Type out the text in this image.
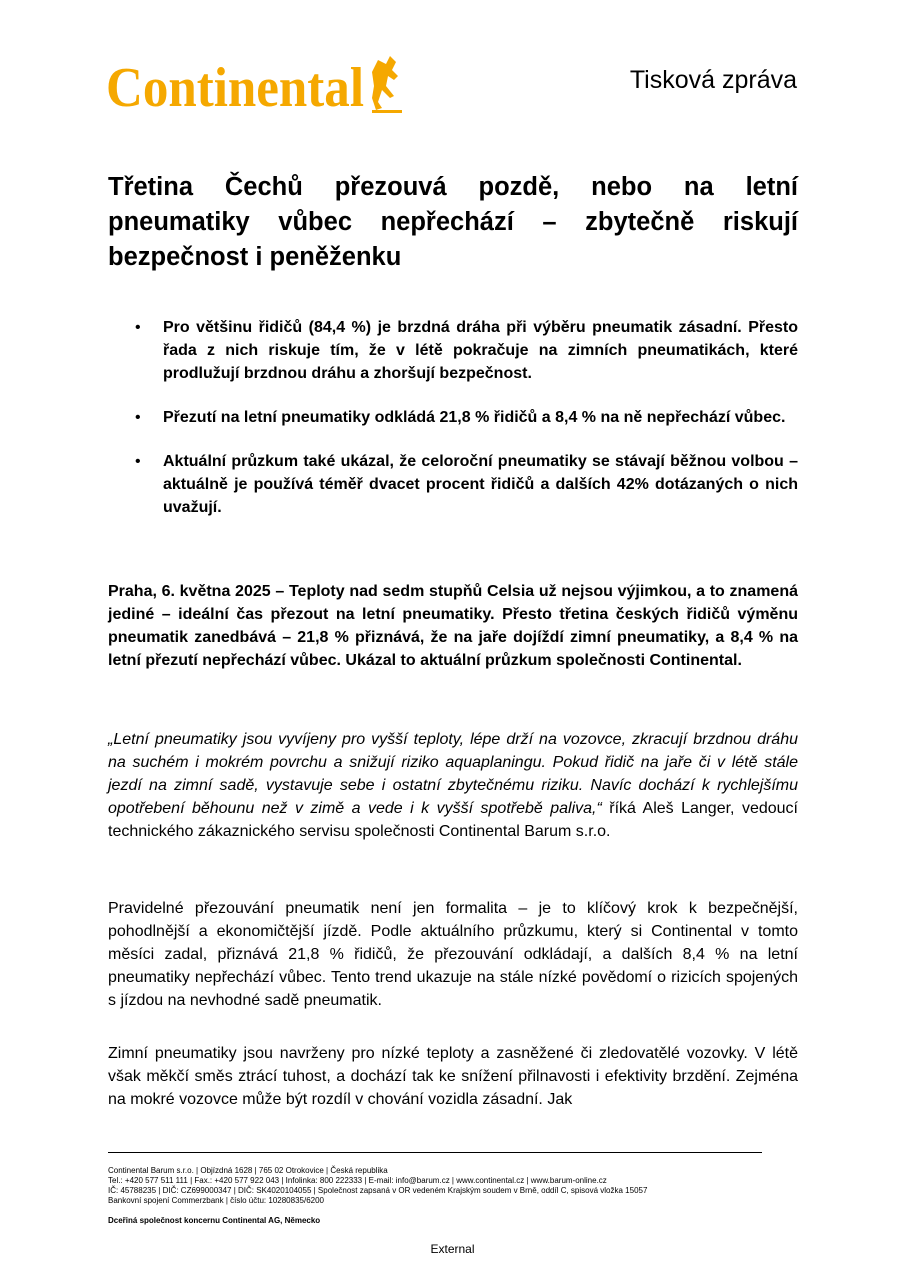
Continental	Tisková zpráva
Třetina Čechů přezouvá pozdě, nebo na letní pneumatiky vůbec nepřechází – zbytečně riskují bezpečnost i peněženku
• Pro většinu řidičů (84,4 %) je brzdná dráha při výběru pneumatik zásadní. Přesto řada z nich riskuje tím, že v létě pokračuje na zimních pneumatikách, které prodlužují brzdnou dráhu a zhoršují bezpečnost.
• Přezutí na letní pneumatiky odkládá 21,8 % řidičů a 8,4 % na ně nepřechází vůbec.
• Aktuální průzkum také ukázal, že celoroční pneumatiky se stávají běžnou volbou – aktuálně je používá téměř dvacet procent řidičů a dalších 42% dotázaných o nich uvažují.

Praha, 6. května 2025 – Teploty nad sedm stupňů Celsia už nejsou výjimkou, a to znamená jediné – ideální čas přezout na letní pneumatiky. Přesto třetina českých řidičů výměnu pneumatik zanedbává – 21,8 % přiznává, že na jaře dojíždí zimní pneumatiky, a 8,4 % na letní přezutí nepřechází vůbec. Ukázal to aktuální průzkum společnosti Continental.

„Letní pneumatiky jsou vyvíjeny pro vyšší teploty, lépe drží na vozovce, zkracují brzdnou dráhu na suchém i mokrém povrchu a snižují riziko aquaplaningu. Pokud řidič na jaře či v létě stále jezdí na zimní sadě, vystavuje sebe i ostatní zbytečnému riziku. Navíc dochází k rychlejšímu opotřebení běhounu než v zimě a vede i k vyšší spotřebě paliva,“ říká Aleš Langer, vedoucí technického zákaznického servisu společnosti Continental Barum s.r.o.

Pravidelné přezouvání pneumatik není jen formalita – je to klíčový krok k bezpečnější, pohodlnější a ekonomičtější jízdě. Podle aktuálního průzkumu, který si Continental v tomto měsíci zadal, přiznává 21,8 % řidičů, že přezouvání odkládají, a dalších 8,4 % na letní pneumatiky nepřechází vůbec. Tento trend ukazuje na stále nízké povědomí o rizicích spojených s jízdou na nevhodné sadě pneumatik.

Zimní pneumatiky jsou navrženy pro nízké teploty a zasněžené či zledovatělé vozovky. V létě však měkčí směs ztrácí tuhost, a dochází tak ke snížení přilnavosti i efektivity brzdění. Zejména na mokré vozovce může být rozdíl v chování vozidla zásadní. Jak

Continental Barum s.r.o. | Objízdná 1628 | 765 02 Otrokovice | Česká republika
Tel.: +420 577 511 111 | Fax.: +420 577 922 043 | Infolinka: 800 222333 | E-mail: info@barum.cz | www.continental.cz | www.barum-online.cz
IČ: 45788235 | DIČ: CZ699000347 | DIČ: SK4020104055 | Společnost zapsaná v OR vedeném Krajským soudem v Brně, oddíl C, spisová vložka 15057
Bankovní spojení Commerzbank | číslo účtu: 10280835/6200
Dceřiná společnost koncernu Continental AG, Německo
External
